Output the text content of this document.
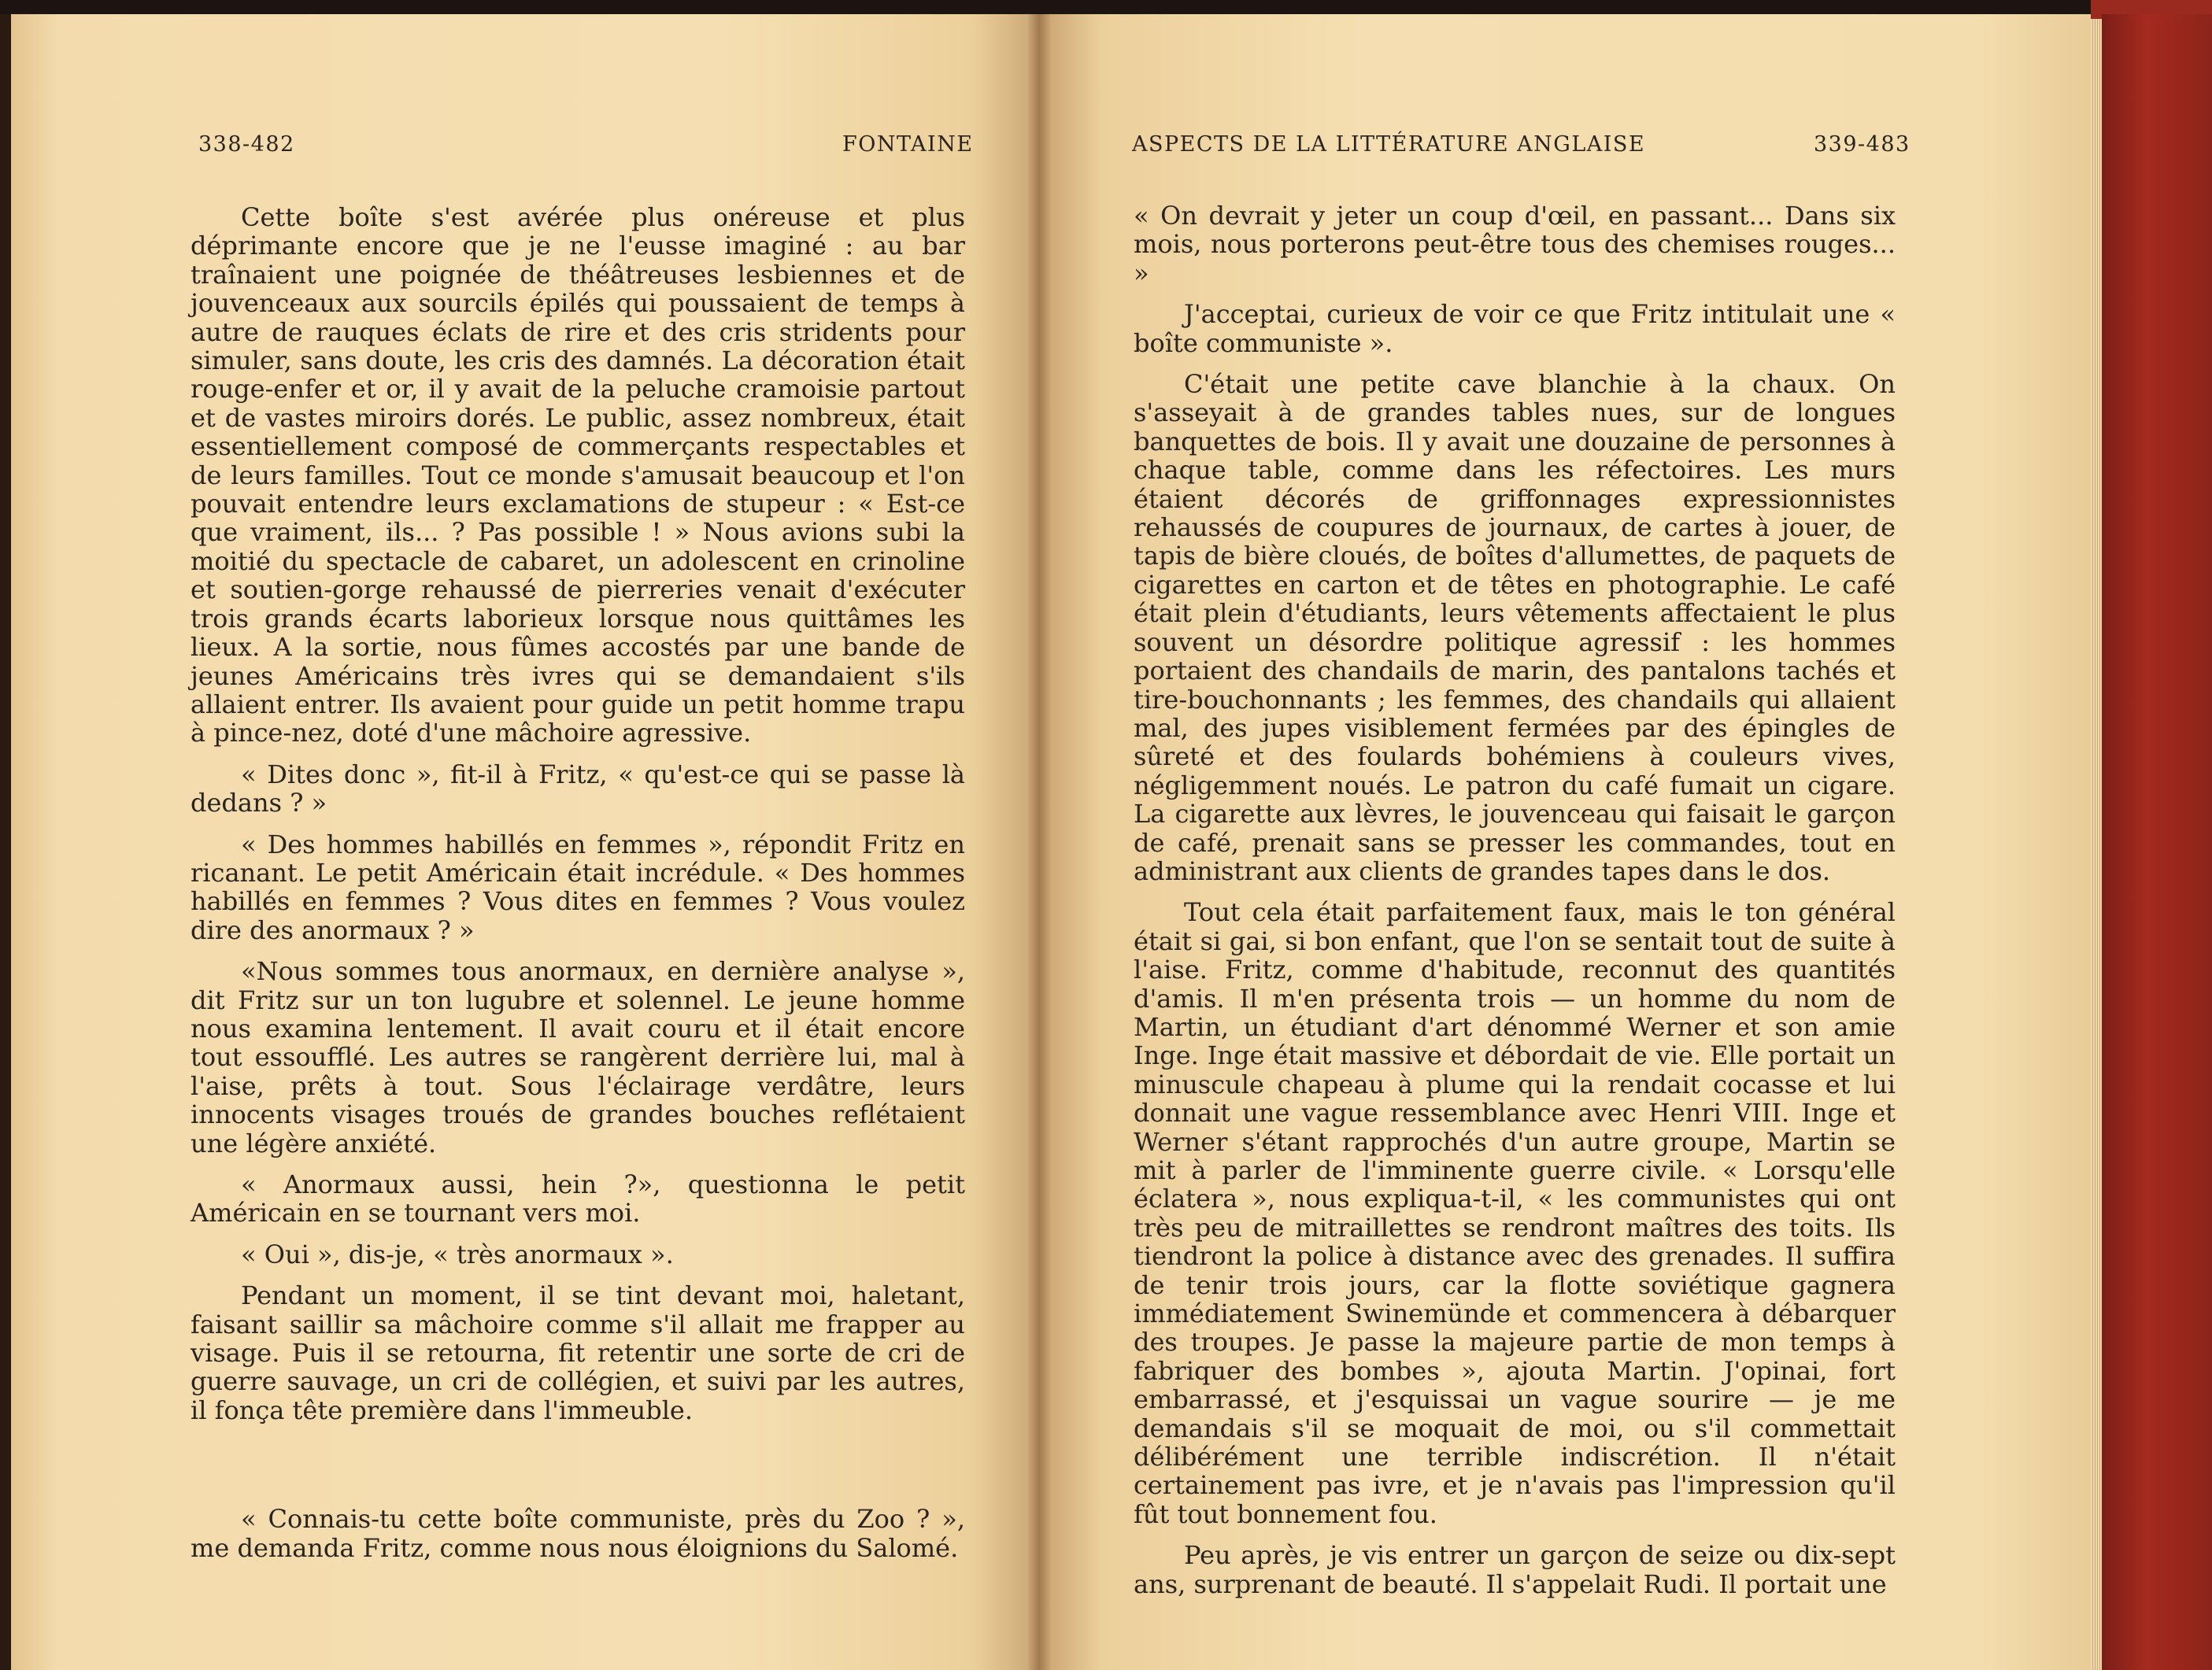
338-482	FONTAINE

Cette boîte s'est avérée plus onéreuse et plus déprimante encore que je ne l'eusse imaginé : au bar traînaient une poignée de théâtreuses lesbiennes et de jouvenceaux aux sourcils épilés qui poussaient de temps à autre de rauques éclats de rire et des cris stridents pour simuler, sans doute, les cris des damnés. La décoration était rouge-enfer et or, il y avait de la peluche cramoisie partout et de vastes miroirs dorés. Le public, assez nombreux, était essentiellement composé de commerçants respectables et de leurs familles. Tout ce monde s'amusait beaucoup et l'on pouvait entendre leurs exclamations de stupeur : « Est-ce que vraiment, ils... ? Pas possible ! » Nous avions subi la moitié du spectacle de cabaret, un adolescent en crinoline et soutien-gorge rehaussé de pierreries venait d'exécuter trois grands écarts laborieux lorsque nous quittâmes les lieux. A la sortie, nous fûmes accostés par une bande de jeunes Américains très ivres qui se demandaient s'ils allaient entrer. Ils avaient pour guide un petit homme trapu à pince-nez, doté d'une mâchoire agressive.

« Dites donc », fit-il à Fritz, « qu'est-ce qui se passe là dedans ? »

« Des hommes habillés en femmes », répondit Fritz en ricanant. Le petit Américain était incrédule. « Des hommes habillés en femmes ? Vous dites en femmes ? Vous voulez dire des anormaux ? »

«Nous sommes tous anormaux, en dernière analyse », dit Fritz sur un ton lugubre et solennel. Le jeune homme nous examina lentement. Il avait couru et il était encore tout essoufflé. Les autres se rangèrent derrière lui, mal à l'aise, prêts à tout. Sous l'éclairage verdâtre, leurs innocents visages troués de grandes bouches reflétaient une légère anxiété.

« Anormaux aussi, hein ?», questionna le petit Américain en se tournant vers moi.

« Oui », dis-je, « très anormaux ».

Pendant un moment, il se tint devant moi, haletant, faisant saillir sa mâchoire comme s'il allait me frapper au visage. Puis il se retourna, fit retentir une sorte de cri de guerre sauvage, un cri de collégien, et suivi par les autres, il fonça tête première dans l'immeuble.

« Connais-tu cette boîte communiste, près du Zoo ? », me demanda Fritz, comme nous nous éloignions du Salomé.

ASPECTS DE LA LITTÉRATURE ANGLAISE	339-483

« On devrait y jeter un coup d'œil, en passant... Dans six mois, nous porterons peut-être tous des chemises rouges... »

J'acceptai, curieux de voir ce que Fritz intitulait une « boîte communiste ».

C'était une petite cave blanchie à la chaux. On s'asseyait à de grandes tables nues, sur de longues banquettes de bois. Il y avait une douzaine de personnes à chaque table, comme dans les réfectoires. Les murs étaient décorés de griffonnages expressionnistes rehaussés de coupures de journaux, de cartes à jouer, de tapis de bière cloués, de boîtes d'allumettes, de paquets de cigarettes en carton et de têtes en photographie. Le café était plein d'étudiants, leurs vêtements affectaient le plus souvent un désordre politique agressif : les hommes portaient des chandails de marin, des pantalons tachés et tire-bouchonnants ; les femmes, des chandails qui allaient mal, des jupes visiblement fermées par des épingles de sûreté et des foulards bohémiens à couleurs vives, négligemment noués. Le patron du café fumait un cigare. La cigarette aux lèvres, le jouvenceau qui faisait le garçon de café, prenait sans se presser les commandes, tout en administrant aux clients de grandes tapes dans le dos.

Tout cela était parfaitement faux, mais le ton général était si gai, si bon enfant, que l'on se sentait tout de suite à l'aise. Fritz, comme d'habitude, reconnut des quantités d'amis. Il m'en présenta trois — un homme du nom de Martin, un étudiant d'art dénommé Werner et son amie Inge. Inge était massive et débordait de vie. Elle portait un minuscule chapeau à plume qui la rendait cocasse et lui donnait une vague ressemblance avec Henri VIII. Inge et Werner s'étant rapprochés d'un autre groupe, Martin se mit à parler de l'imminente guerre civile. « Lorsqu'elle éclatera », nous expliqua-t-il, « les communistes qui ont très peu de mitraillettes se rendront maîtres des toits. Ils tiendront la police à distance avec des grenades. Il suffira de tenir trois jours, car la flotte soviétique gagnera immédiatement Swinemünde et commencera à débarquer des troupes. Je passe la majeure partie de mon temps à fabriquer des bombes », ajouta Martin. J'opinai, fort embarrassé, et j'esquissai un vague sourire — je me demandais s'il se moquait de moi, ou s'il commettait délibérément une terrible indiscrétion. Il n'était certainement pas ivre, et je n'avais pas l'impression qu'il fût tout bonnement fou.

Peu après, je vis entrer un garçon de seize ou dix-sept ans, surprenant de beauté. Il s'appelait Rudi. Il portait une
